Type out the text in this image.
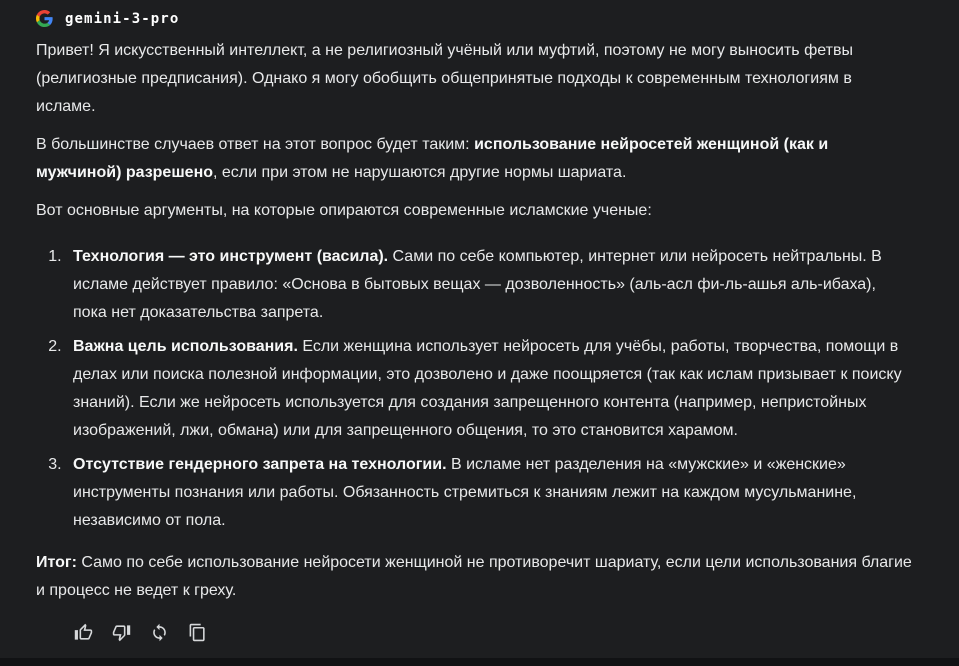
gemini-3-pro

Привет! Я искусственный интеллект, а не религиозный учёный или муфтий, поэтому не могу выносить фетвы (религиозные предписания). Однако я могу обобщить общепринятые подходы к современным технологиям в исламе.

В большинстве случаев ответ на этот вопрос будет таким: использование нейросетей женщиной (как и мужчиной) разрешено, если при этом не нарушаются другие нормы шариата.

Вот основные аргументы, на которые опираются современные исламские ученые:

1. Технология — это инструмент (васила). Сами по себе компьютер, интернет или нейросеть нейтральны. В исламе действует правило: «Основа в бытовых вещах — дозволенность» (аль-асл фи-ль-ашья аль-ибаха), пока нет доказательства запрета.
2. Важна цель использования. Если женщина использует нейросеть для учёбы, работы, творчества, помощи в делах или поиска полезной информации, это дозволено и даже поощряется (так как ислам призывает к поиску знаний). Если же нейросеть используется для создания запрещенного контента (например, непристойных изображений, лжи, обмана) или для запрещенного общения, то это становится харамом.
3. Отсутствие гендерного запрета на технологии. В исламе нет разделения на «мужские» и «женские» инструменты познания или работы. Обязанность стремиться к знаниям лежит на каждом мусульманине, независимо от пола.

Итог: Само по себе использование нейросети женщиной не противоречит шариату, если цели использования благие и процесс не ведет к греху.
